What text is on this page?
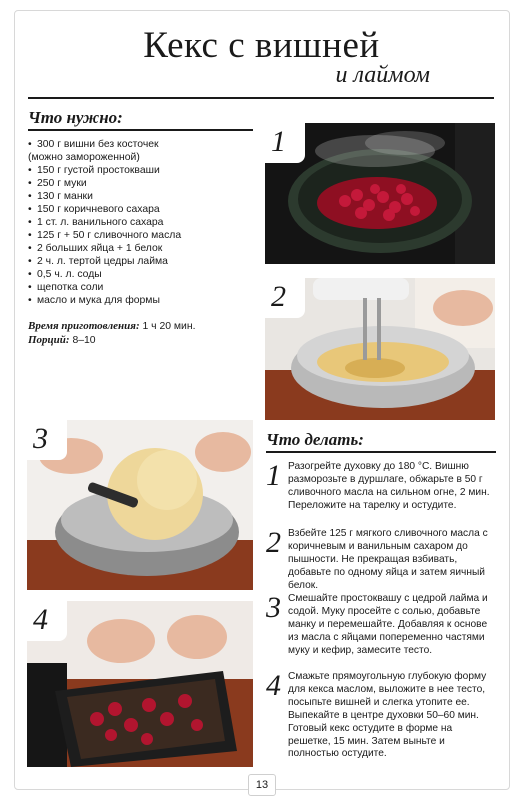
Кекс с вишней
и лаймом
Что нужно:
• 300 г вишни без косточек
(можно замороженной)
• 150 г густой простокваши
• 250 г муки
• 130 г манки
• 150 г коричневого сахара
• 1 ст. л. ванильного сахара
• 125 г + 50 г сливочного масла
• 2 больших яйца + 1 белок
• 2 ч. л. тертой цедры лайма
• 0,5 ч. л. соды
• щепотка соли
• масло и мука для формы
Время приготовления: 1 ч 20 мин.
Порций: 8–10
1
2
3
4
Что делать:
1 Разогрейте духовку до 180 °С. Вишню разморозьте в дуршлаге, обжарьте в 50 г сливочного масла на сильном огне, 2 мин. Переложите на тарелку и остудите.
2 Взбейте 125 г мягкого сливочного масла с коричневым и ванильным сахаром до пышности. Не прекращая взбивать, добавьте по одному яйца и затем яичный белок.
3 Смешайте простоквашу с цедрой лайма и содой. Муку просейте с солью, добавьте манку и перемешайте. Добавляя к основе из масла с яйцами попеременно частями муку и кефир, замесите тесто.
4 Смажьте прямоугольную глубокую форму для кекса маслом, выложите в нее тесто, посыпьте вишней и слегка утопите ее. Выпекайте в центре духовки 50–60 мин. Готовый кекс остудите в форме на решетке, 15 мин. Затем выньте и полностью остудите.
13
